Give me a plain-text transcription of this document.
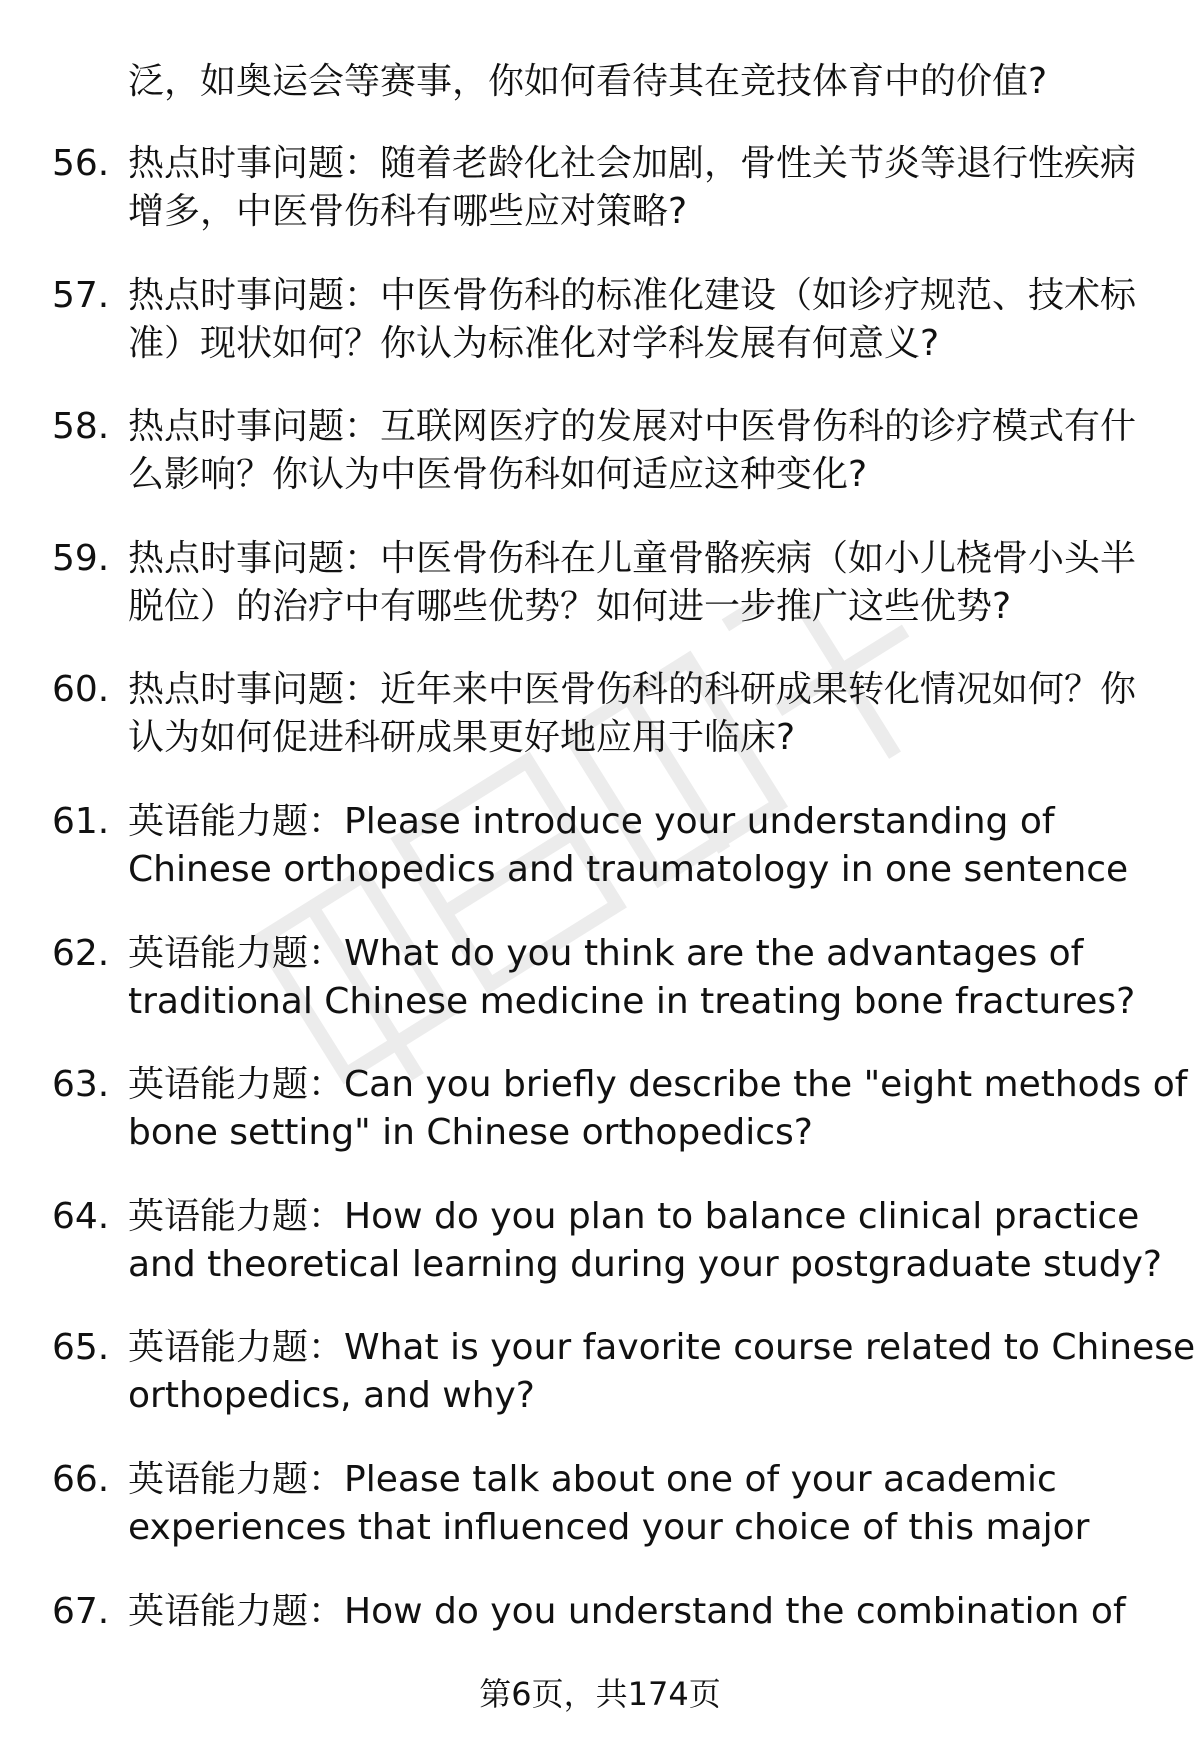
泛，如奥运会等赛事，你如何看待其在竞技体育中的价值?
56. 热点时事问题：随着老龄化社会加剧，骨性关节炎等退行性疾病
增多，中医骨伤科有哪些应对策略?
57. 热点时事问题：中医骨伤科的标准化建设（如诊疗规范、技术标
准）现状如何？你认为标准化对学科发展有何意义?
58. 热点时事问题：互联网医疗的发展对中医骨伤科的诊疗模式有什
么影响？你认为中医骨伤科如何适应这种变化?
59. 热点时事问题：中医骨伤科在儿童骨骼疾病（如小儿桡骨小头半
脱位）的治疗中有哪些优势？如何进一步推广这些优势?
60. 热点时事问题：近年来中医骨伤科的科研成果转化情况如何？你
认为如何促进科研成果更好地应用于临床?
61. 英语能力题：Please introduce your understanding of
Chinese orthopedics and traumatology in one sentence
62. 英语能力题：What do you think are the advantages of
traditional Chinese medicine in treating bone fractures?
63. 英语能力题：Can you briefly describe the "eight methods of
bone setting" in Chinese orthopedics?
64. 英语能力题：How do you plan to balance clinical practice
and theoretical learning during your postgraduate study?
65. 英语能力题：What is your favorite course related to Chinese
orthopedics, and why?
66. 英语能力题：Please talk about one of your academic
experiences that influenced your choice of this major
67. 英语能力题：How do you understand the combination of
第6页，共174页
